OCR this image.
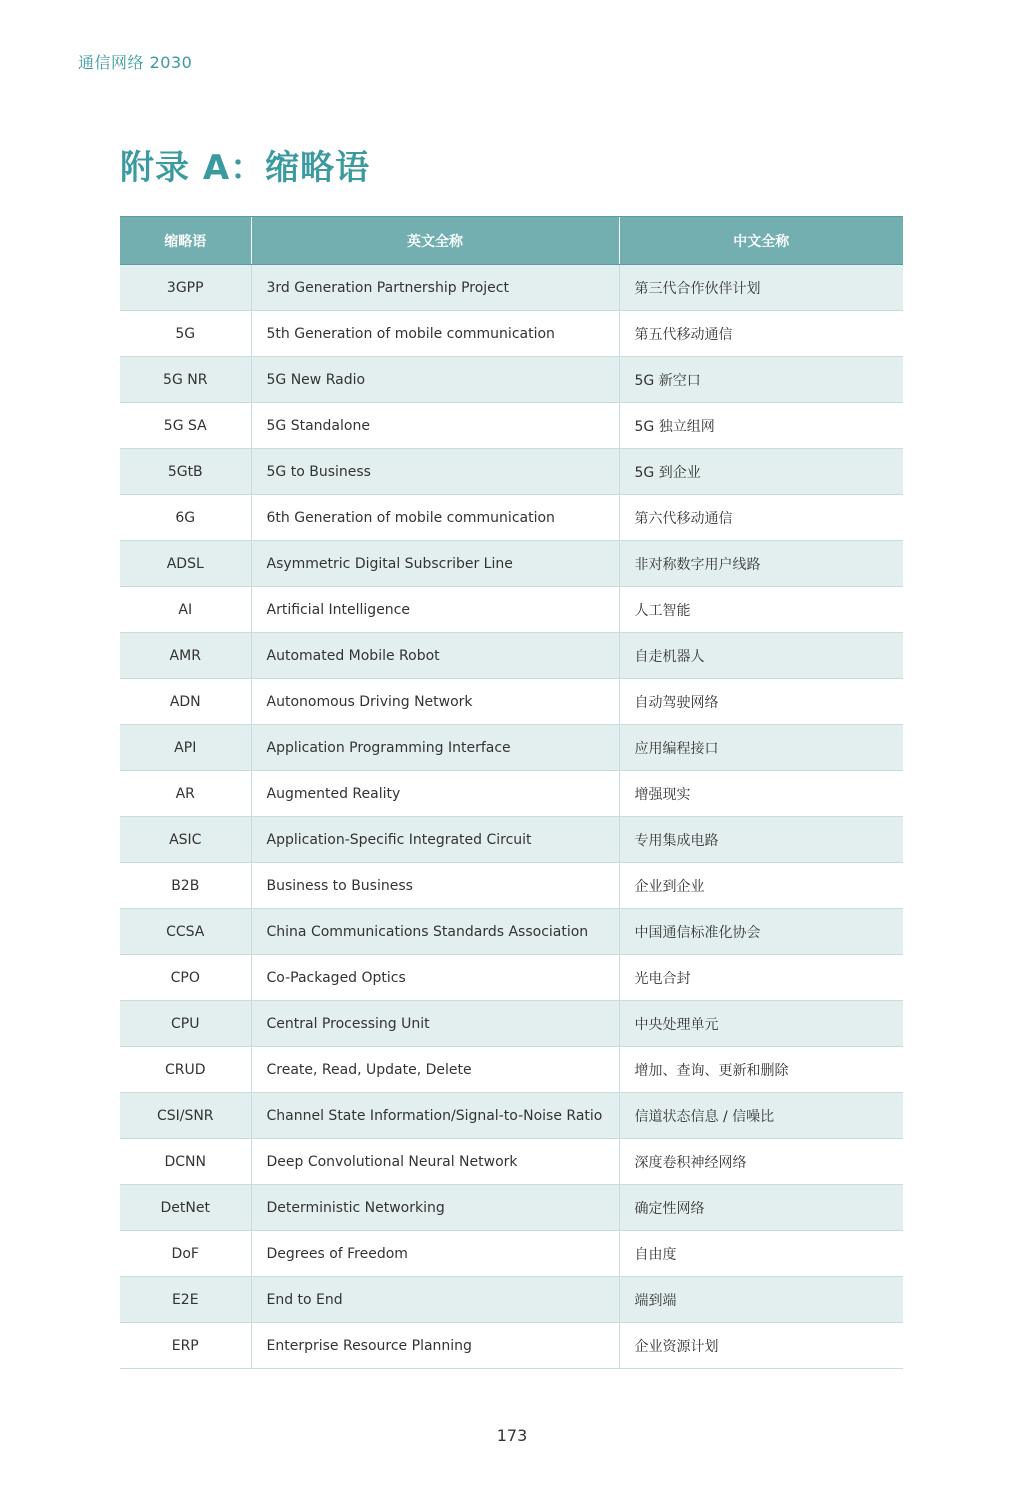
通信网络 2030
附录 A：缩略语
缩略语	英文全称	中文全称
3GPP	3rd Generation Partnership Project	第三代合作伙伴计划
5G	5th Generation of mobile communication	第五代移动通信
5G NR	5G New Radio	5G 新空口
5G SA	5G Standalone	5G 独立组网
5GtB	5G to Business	5G 到企业
6G	6th Generation of mobile communication	第六代移动通信
ADSL	Asymmetric Digital Subscriber Line	非对称数字用户线路
AI	Artificial Intelligence	人工智能
AMR	Automated Mobile Robot	自走机器人
ADN	Autonomous Driving Network	自动驾驶网络
API	Application Programming Interface	应用编程接口
AR	Augmented Reality	增强现实
ASIC	Application-Specific Integrated Circuit	专用集成电路
B2B	Business to Business	企业到企业
CCSA	China Communications Standards Association	中国通信标准化协会
CPO	Co-Packaged Optics	光电合封
CPU	Central Processing Unit	中央处理单元
CRUD	Create, Read, Update, Delete	增加、查询、更新和删除
CSI/SNR	Channel State Information/Signal-to-Noise Ratio	信道状态信息 / 信噪比
DCNN	Deep Convolutional Neural Network	深度卷积神经网络
DetNet	Deterministic Networking	确定性网络
DoF	Degrees of Freedom	自由度
E2E	End to End	端到端
ERP	Enterprise Resource Planning	企业资源计划
173
